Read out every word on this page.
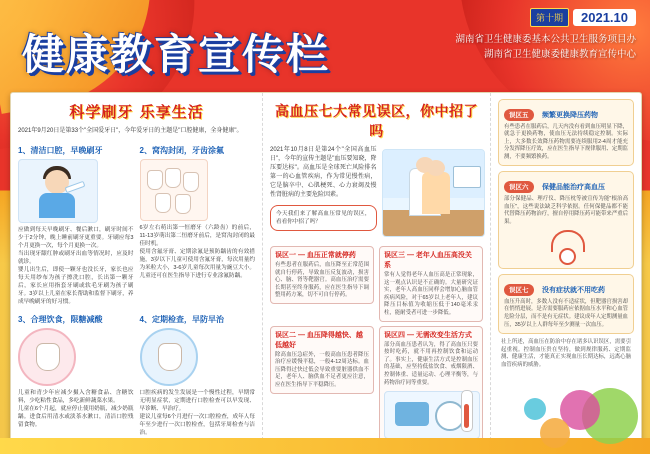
健康教育宣传栏
第十期	2021.10
湖南省卫生健康委基本公共卫生服务项目办
湖南省卫生健康委健康教育宣传中心
科学刷牙 乐享生活
2021年9月20日是第33个"全国爱牙日"，今年爱牙日的主题是"口腔健康，全身健康"。
1、清洁口腔，早晚刷牙
应做到每天早晚刷牙、餐后漱口，刷牙时间不少于2分钟，晚上睡前刷牙更重要。牙刷应每3个月更换一次，每个月更换一次。
当出现牙龈红肿或刷牙出血等情况时，应及时就诊。
婴儿出生后，即使一颗牙也没长牙，家长也应每天用纱布为孩子擦洗口腔，长出第一颗牙后，家长应用指套牙刷或软毛牙刷为孩子刷牙。3岁以上儿童在家长帮助和监督下刷牙，养成早晚刷牙的好习惯。
2、窝沟封闭，牙齿涂氟
6岁左右萌出第一恒磨牙（六龄齿）的前后，11-13岁萌出第二恒磨牙前后，是窝沟封闭的最佳时机。
使用含氟牙膏、定期涂氟是预防龋齿的有效措施，3岁以下儿童可使用含氟牙膏，每次用量约为米粒大小，3-6岁儿童每次用量为豌豆大小。儿童还可在医生指导下进行专业涂氟防龋。
3、合理饮食，限糖减酸
儿童和青少年应减少摄入含糖食品、含糖饮料，少吃粘性食品，多吃新鲜蔬菜水果。
儿童在6个月起，就应停止使用奶瓶，减少奶瓶龋。进食后用清水或淡茶水漱口，清洁口腔残留食物。
4、定期检查，早防早治
口腔疾病的发生发展是一个慢性过程，早期常无明显症状，定期进行口腔检查可以早发现、早诊断、早治疗。
建议儿童每6个月进行一次口腔检查，成年人每年至少进行一次口腔检查，包括牙周检查与洁治。
高血压七大常见误区，你中招了吗
2021年10月8日是第24个"全国高血压日"，今年的宣传主题是"血压要知晓，降压要达标"。高血压是全球死亡风险排名第一的心血管疾病，作为常见慢性病，它是脑卒中、心肌梗死、心力衰竭及慢性肾脏病的主要危险因素。
今天我们来了解高血压常见的误区，看看你中招了吗？
误区一 — 血压正常就停药
有些患者在服药后，血压降至正常范围就自行停药，导致血压反复波动，损害心、脑、肾等靶器官。高血压治疗需要长期甚至终身服药，应在医生指导下调整用药方案，切不可自行停药。
误区三 — 老年人血压高没关系
常有人觉得老年人血压高是正常现象，这一观点认识是不正确的。大量研究证实，老年人高血压同样会增加心脑血管疾病风险，对于65岁以上老年人，建议降压目标值为收缩压低于140毫米汞柱，能耐受者可进一步降低。
误区二 — 血压降得越快、越低越好
除高血压急症外，一般高血压患者降压治疗应缓慢平稳，一般4-12周达标。血压降得过快过低会导致重要脏器供血不足，老年人、脑供血不足者更应注意，应在医生指导下平稳降压。
误区四 — 无需改变生活方式
部分高血压患者认为，得了高血压只要按时吃药，就不用再控制饮食和运动了。事实上，健康生活方式是控制血压的基础，应坚持低盐饮食、戒烟限酒、控制体重、适量运动、心理平衡等，与药物治疗同等重要。
误区五 频繁更换降压药物
有些患者在服药后，几天内没有看到血压明显下降，就急于更换药物，使血压无法持续稳定控制。实际上，大多数长效降压药物需要连续服用2-4周才能充分发挥降压疗效，应在医生指导下规律服用、定期监测，不要频繁换药。
误区六 保健品能治疗高血压
部分保健品、理疗仪、降压枕等被宣传为能"根治高血压"，这些说法缺乏科学依据。任何保健品都不能代替降压药物治疗，擅自停用降压药可能带来严重后果。
误区七 没有症状就不用吃药
血压升高时，多数人没有不适症状，但靶器官损害却在悄悄进展。是否需要服药应依据血压水平和心血管危险分层，而不是有无症状。建议成年人定期测量血压，35岁以上人群每年至少测量一次血压。
社上所述，高血压在防治中存在诸多认识误区，需要引起重视。控制血压贵在坚持，做到规律服药、定期监测、健康生活，才能真正实现血压长期达标，远离心脑血管疾病的威胁。
